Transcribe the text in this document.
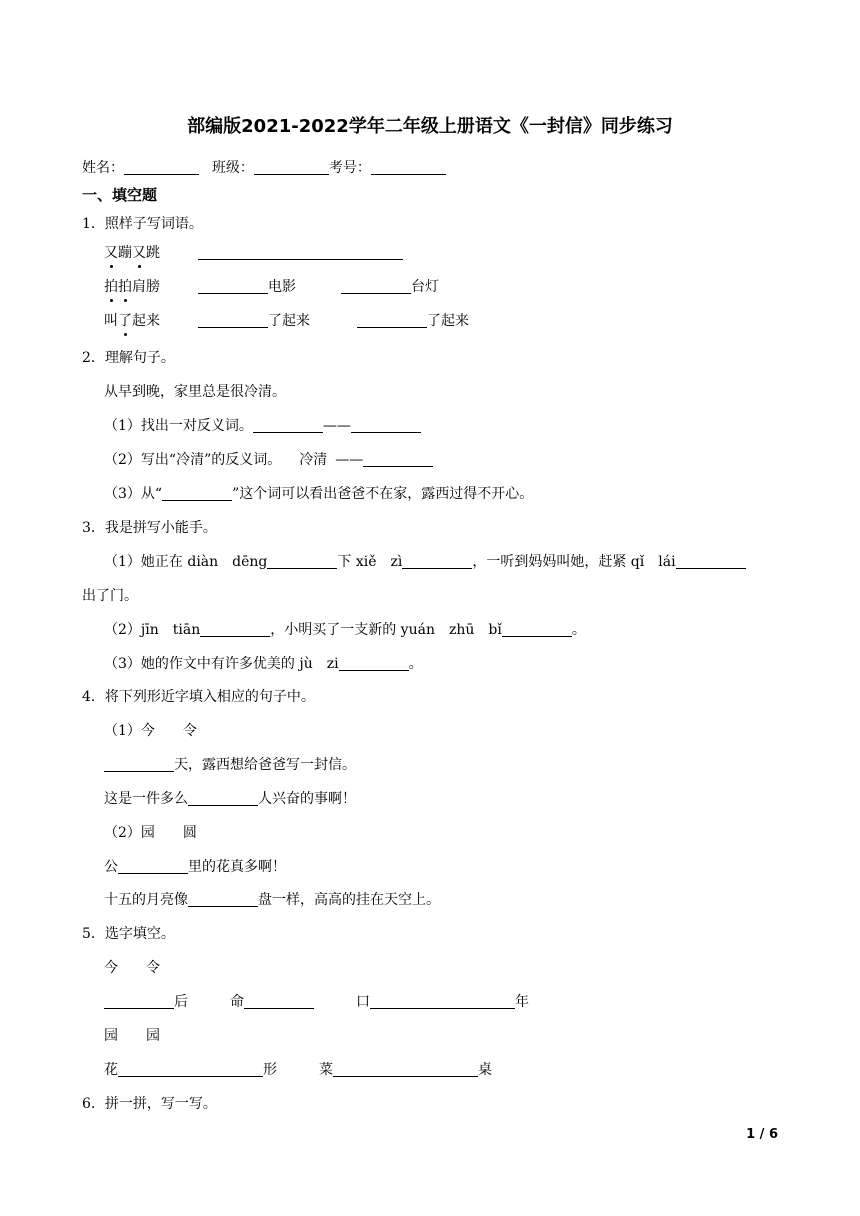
部编版2021-2022学年二年级上册语文《一封信》同步练习
姓名：	班级：	考号：
一、填空题
1．照样子写词语。
又蹦又跳
拍拍肩膀	电影	台灯
叫了起来	了起来	了起来
2．理解句子。
从早到晚，家里总是很冷清。
（1）找出一对反义词。	——
（2）写出“冷清”的反义词。 冷清 ——
（3）从“	”这个词可以看出爸爸不在家，露西过得不开心。
3．我是拼写小能手。
（1）她正在 diàn　dēng	下 xiě　zì	，一听到妈妈叫她，赶紧 qǐ　lái
出了门。
（2）jīn　tiān	，小明买了一支新的 yuán　zhū　bǐ	。
（3）她的作文中有许多优美的 jù　zi	。
4．将下列形近字填入相应的句子中。
（1）今　　令
天，露西想给爸爸写一封信。
这是一件多么	人兴奋的事啊！
（2）园　　圆
公	里的花真多啊！
十五的月亮像	盘一样，高高的挂在天空上。
5．选字填空。
今　　令
后	命	口	年
园　　园
花	形	菜	桌
6．拼一拼，写一写。
1 / 6
